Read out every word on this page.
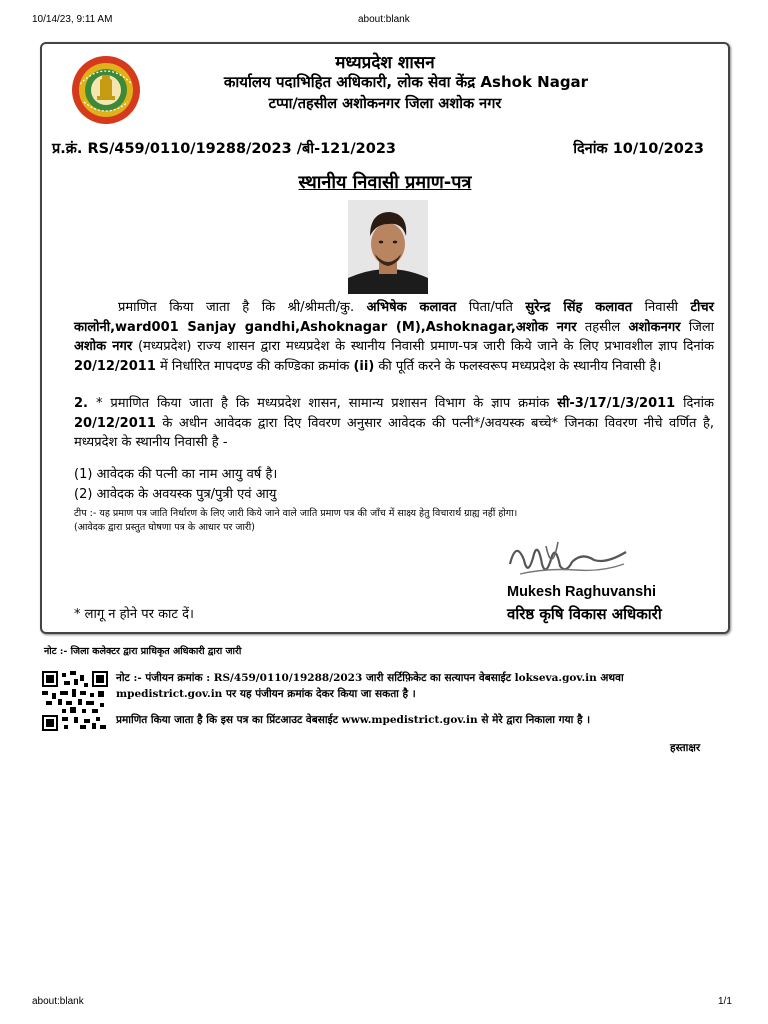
10/14/23, 9:11 AM	about:blank
मध्यप्रदेश शासन
कार्यालय पदाभिहित अधिकारी, लोक सेवा केंद्र Ashok Nagar
टप्पा/तहसील अशोकनगर जिला अशोक नगर
प्र.क्रं. RS/459/0110/19288/2023 /बी-121/2023	दिनांक 10/10/2023
स्थानीय निवासी प्रमाण-पत्र
प्रमाणित किया जाता है कि श्री/श्रीमती/कु. अभिषेक कलावत पिता/पति सुरेन्द्र सिंह कलावत निवासी टीचर कालोनी,ward001 Sanjay gandhi,Ashoknagar (M),Ashoknagar,अशोक नगर तहसील अशोकनगर जिला अशोक नगर (मध्यप्रदेश) राज्य शासन द्वारा मध्यप्रदेश के स्थानीय निवासी प्रमाण-पत्र जारी किये जाने के लिए प्रभावशील ज्ञाप दिनांक 20/12/2011 में निर्धारित मापदण्ड की कण्डिका क्रमांक (ii) की पूर्ति करने के फलस्वरूप मध्यप्रदेश के स्थानीय निवासी है।
2. * प्रमाणित किया जाता है कि मध्यप्रदेश शासन, सामान्य प्रशासन विभाग के ज्ञाप क्रमांक सी-3/17/1/3/2011 दिनांक 20/12/2011 के अधीन आवेदक द्वारा दिए विवरण अनुसार आवेदक की पत्नी*/अवयस्क बच्चे* जिनका विवरण नीचे वर्णित है, मध्यप्रदेश के स्थानीय निवासी है -
(1) आवेदक की पत्नी का नाम आयु वर्ष है।
(2) आवेदक के अवयस्क पुत्र/पुत्री एवं आयु
टीप :- यह प्रमाण पत्र जाति निर्धारण के लिए जारी किये जाने वाले जाति प्रमाण पत्र की जाँच में साक्ष्य हेतु विचारार्थ ग्राह्य नहीं होगा।
(आवेदक द्वारा प्रस्तुत घोषणा पत्र के आधार पर जारी)
Mukesh Raghuvanshi
वरिष्ठ कृषि विकास अधिकारी
* लागू न होने पर काट दें।
नोट :- जिला कलेक्टर द्वारा प्राधिकृत अधिकारी द्वारा जारी
नोट :- पंजीयन क्रमांक : RS/459/0110/19288/2023 जारी सर्टिफ़िकेट का सत्यापन वेबसाईट lokseva.gov.in अथवा
mpedistrict.gov.in पर यह पंजीयन क्रमांक देकर किया जा सकता है ।
प्रमाणित किया जाता है कि इस पत्र का प्रिंटआउट वेबसाईट www.mpedistrict.gov.in से मेरे द्वारा निकाला गया है ।
हस्ताक्षर
about:blank	1/1
